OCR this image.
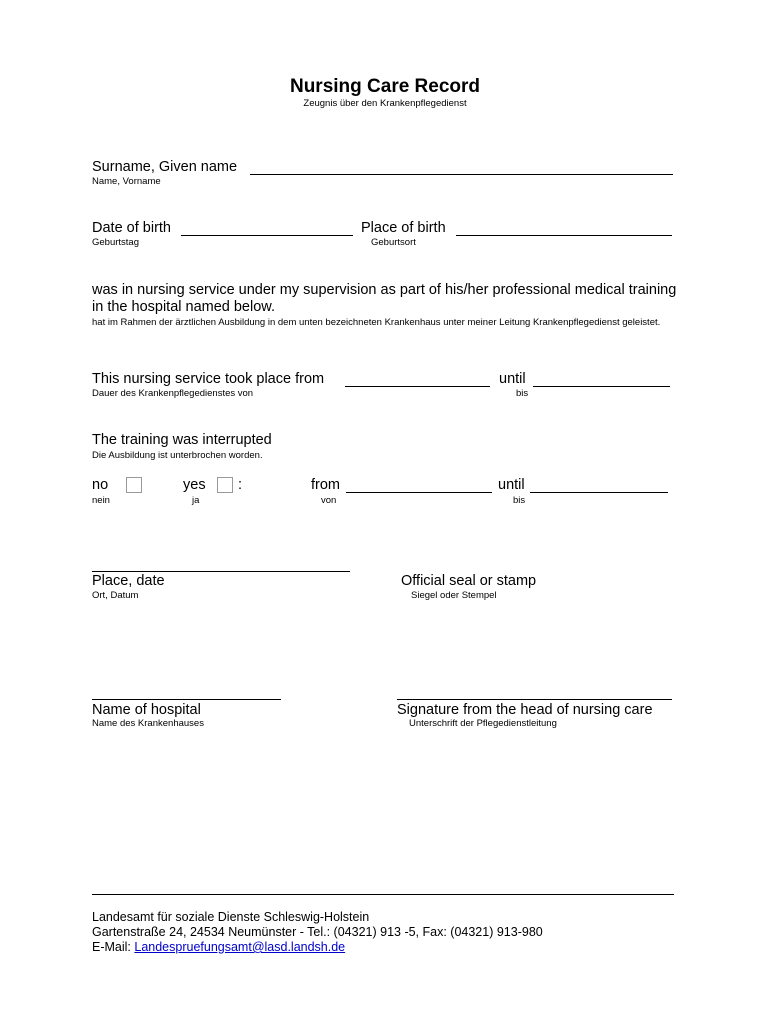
Nursing Care Record
Zeugnis über den Krankenpflegedienst
Surname, Given name
Name, Vorname
Date of birth
Geburtstag
Place of birth
Geburtsort
was in nursing service under my supervision as part of his/her professional medical training in the hospital named below.
hat im Rahmen der ärztlichen Ausbildung in dem unten bezeichneten Krankenhaus unter meiner Leitung Krankenpflegedienst geleistet.
This nursing service took place from	until
Dauer des Krankenpflegedienstes von	bis
The training was interrupted
Die Ausbildung ist unterbrochen worden.
no
nein
yes :
ja
from
von
until
bis
Place, date
Ort, Datum
Official seal or stamp
Siegel oder Stempel
Name of hospital
Name des Krankenhauses
Signature from the head of nursing care
Unterschrift der Pflegedienstleitung
Landesamt für soziale Dienste Schleswig-Holstein
Gartenstraße 24, 24534 Neumünster - Tel.: (04321) 913 -5, Fax: (04321) 913-980
E-Mail: Landespruefungsamt@lasd.landsh.de
